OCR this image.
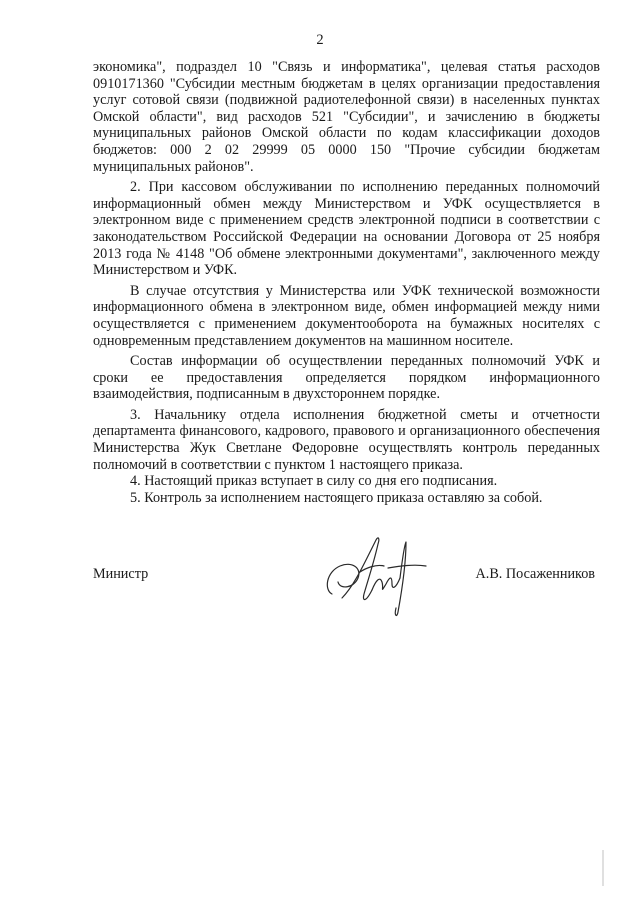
2

экономика", подраздел 10 "Связь и информатика", целевая статья расходов 0910171360 "Субсидии местным бюджетам в целях организации предоставления услуг сотовой связи (подвижной радиотелефонной связи) в населенных пунктах Омской области", вид расходов 521 "Субсидии", и зачислению в бюджеты муниципальных районов Омской области по кодам классификации доходов бюджетов: 000 2 02 29999 05 0000 150 "Прочие субсидии бюджетам муниципальных районов".

2. При кассовом обслуживании по исполнению переданных полномочий информационный обмен между Министерством и УФК осуществляется в электронном виде с применением средств электронной подписи в соответствии с законодательством Российской Федерации на основании Договора от 25 ноября 2013 года № 4148 "Об обмене электронными документами", заключенного между Министерством и УФК.

В случае отсутствия у Министерства или УФК технической возможности информационного обмена в электронном виде, обмен информацией между ними осуществляется с применением документооборота на бумажных носителях с одновременным представлением документов на машинном носителе.

Состав информации об осуществлении переданных полномочий УФК и сроки ее предоставления определяется порядком информационного взаимодействия, подписанным в двухстороннем порядке.

3. Начальнику отдела исполнения бюджетной сметы и отчетности департамента финансового, кадрового, правового и организационного обеспечения Министерства Жук Светлане Федоровне осуществлять контроль переданных полномочий в соответствии с пунктом 1 настоящего приказа.

4. Настоящий приказ вступает в силу со дня его подписания.

5. Контроль за исполнением настоящего приказа оставляю за собой.

Министр	А.В. Посаженников
